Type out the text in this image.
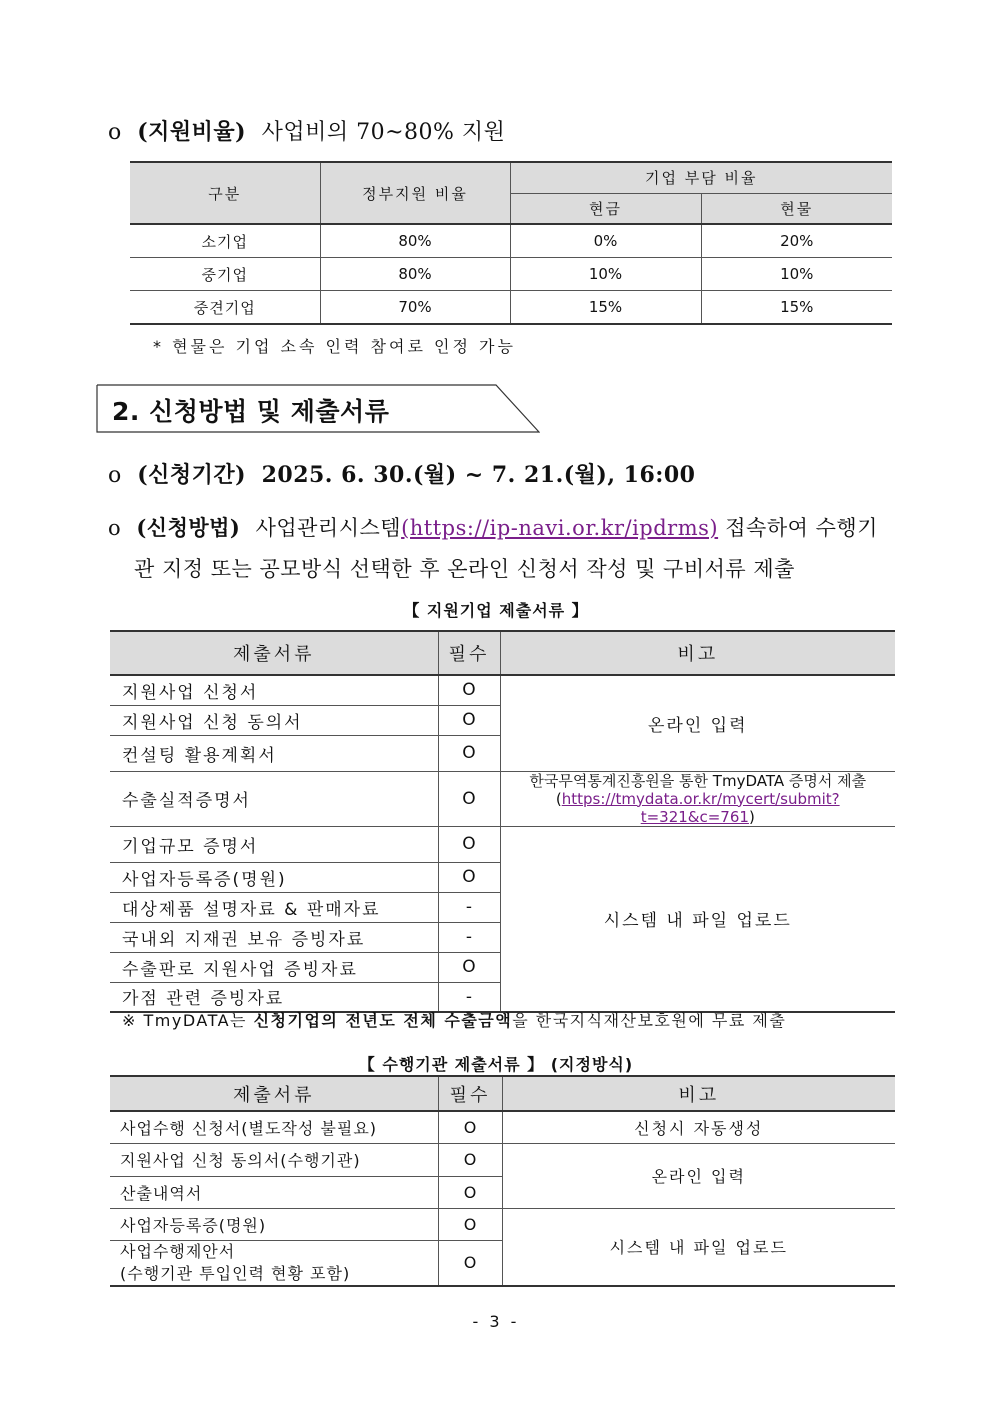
o (지원비율) 사업비의 70~80% 지원
구분	정부지원 비율	기업 부담 비율	
		현금	현물
소기업	80%	0%	20%
중기업	80%	10%	10%
중견기업	70%	15%	15%
* 현물은 기업 소속 인력 참여로 인정 가능
2. 신청방법 및 제출서류
o (신청기간) 2025. 6. 30.(월) ~ 7. 21.(월), 16:00
o (신청방법) 사업관리시스템(https://ip-navi.or.kr/ipdrms) 접속하여 수행기
관 지정 또는 공모방식 선택한 후 온라인 신청서 작성 및 구비서류 제출
【 지원기업 제출서류 】
제출서류	필수	비고
지원사업 신청서	O	온라인 입력
지원사업 신청 동의서	O	
컨설팅 활용계획서	O	
수출실적증명서	O	한국무역통계진흥원을 통한 TmyDATA 증명서 제출
(https://tmydata.or.kr/mycert/submit?t=321&c=761)

기업규모 증명서	O	시스템 내 파일 업로드
사업자등록증(명원)	O	
대상제품 설명자료 & 판매자료	-	
국내외 지재권 보유 증빙자료	-	
수출판로 지원사업 증빙자료	O	
가점 관련 증빙자료	-	
※ TmyDATA는 신청기업의 전년도 전체 수출금액을 한국지식재산보호원에 무료 제출
【 수행기관 제출서류 】 (지정방식)
제출서류	필수	비고
사업수행 신청서(별도작성 불필요)	O	신청시 자동생성
지원사업 신청 동의서(수행기관)	O	온라인 입력
산출내역서	O	
사업자등록증(명원)	O	시스템 내 파일 업로드

사업수행제안서
(수행기관 투입인력 현황 포함)	O	
- 3 -
